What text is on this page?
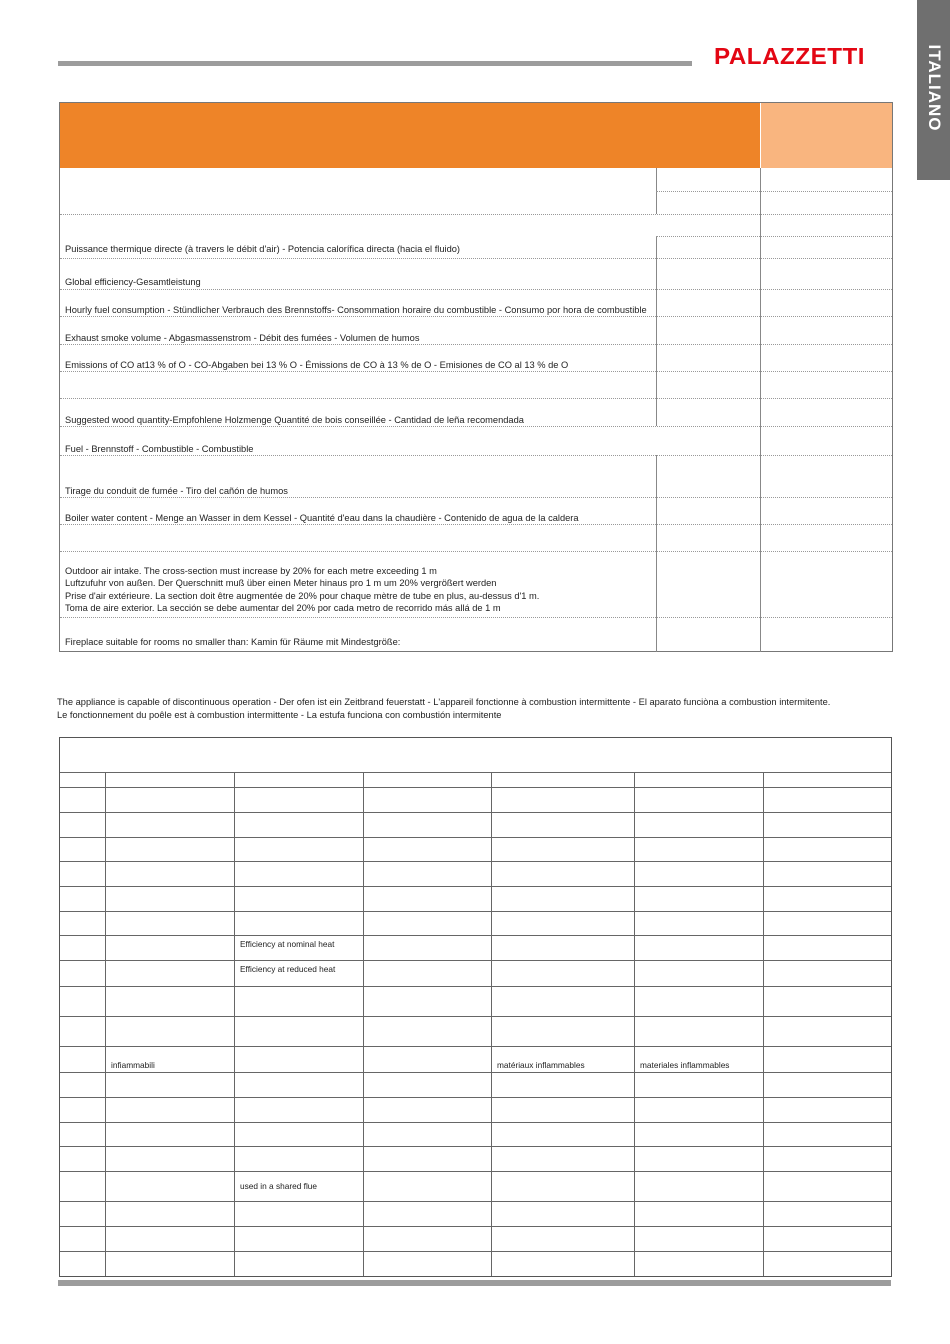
PALAZZETTI	ITALIANO
Puissance thermique directe (à travers le débit d'air) - Potencia calorífica directa (hacia el fluido)
Global efficiency-Gesamtleistung
Hourly fuel consumption - Stündlicher Verbrauch des Brennstoffs- Consommation horaire du combustible - Consumo por hora de combustible
Exhaust smoke volume - Abgasmassenstrom - Débit des fumées - Volumen de humos
Emissions of CO at13 % of O - CO-Abgaben bei 13 % O - Émissions de CO à 13 % de O - Emisiones de CO al 13 % de O
Suggested wood quantity-Empfohlene Holzmenge Quantité de bois conseillée - Cantidad de leña recomendada
Fuel - Brennstoff - Combustible - Combustible
Tirage du conduit de fumée - Tiro del cañón de humos
Boiler water content - Menge an Wasser in dem Kessel - Quantité d'eau dans la chaudière - Contenido de agua de la caldera
Outdoor air intake. The cross-section must increase by 20% for each metre exceeding 1 m
Luftzufuhr von außen. Der Querschnitt muß über einen Meter hinaus pro 1 m um 20% vergrößert werden
Prise d'air extérieure. La section doit être augmentée de 20% pour chaque mètre de tube en plus, au-dessus d'1 m.
Toma de aire exterior. La sección se debe aumentar del 20% por cada metro de recorrido más allá de 1 m
Fireplace suitable for rooms no smaller than: Kamin für Räume mit Mindestgröße:
The appliance is capable of discontinuous operation - Der ofen ist ein Zeitbrand feuerstatt - L'appareil fonctionne à combustion intermittente - El aparato funciòna a combustion intermitente.
Le fonctionnement du poêle est à combustion intermittente - La estufa funciona con combustión intermitente
Efficiency at nominal heat
Efficiency at reduced heat
infiammabili	matériaux inflammables	materiales inflammables
used in a shared flue
